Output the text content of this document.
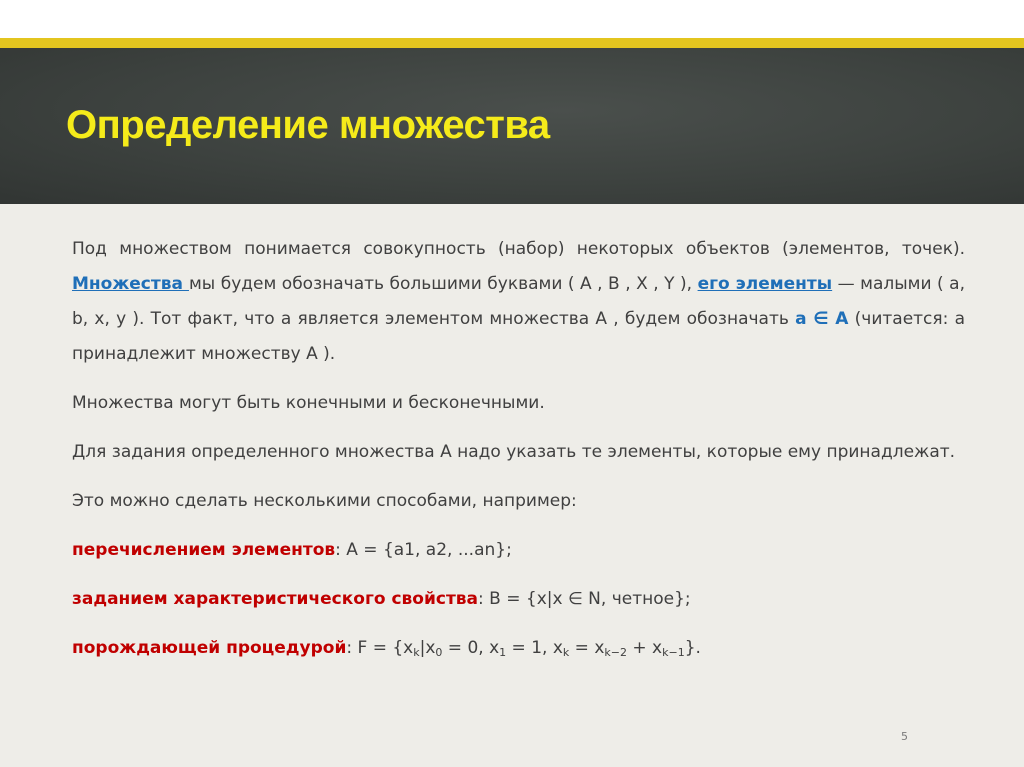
Определение множества

Под множеством понимается совокупность (набор) некоторых объектов (элементов, точек). Множества мы будем обозначать большими буквами ( А , В , Х , Y ), его элементы — малыми ( a, b, x, y ). Тот факт, что а является элементом множества А , будем обозначать a ∈ A (читается: а принадлежит множеству А ).

Множества могут быть конечными и бесконечными.

Для задания определенного множества А надо указать те элементы, которые ему принадлежат.

Это можно сделать несколькими способами, например:

перечислением элементов: A = {a1, a2, ...an};

заданием характеристического свойства: B = {x|x ∈ N, четное};

порождающей процедурой: $F = \{x_k|x_0 = 0$, $x_1 = 1$, $x_k = x_{k-2} + x_{k-1}$}.

5
